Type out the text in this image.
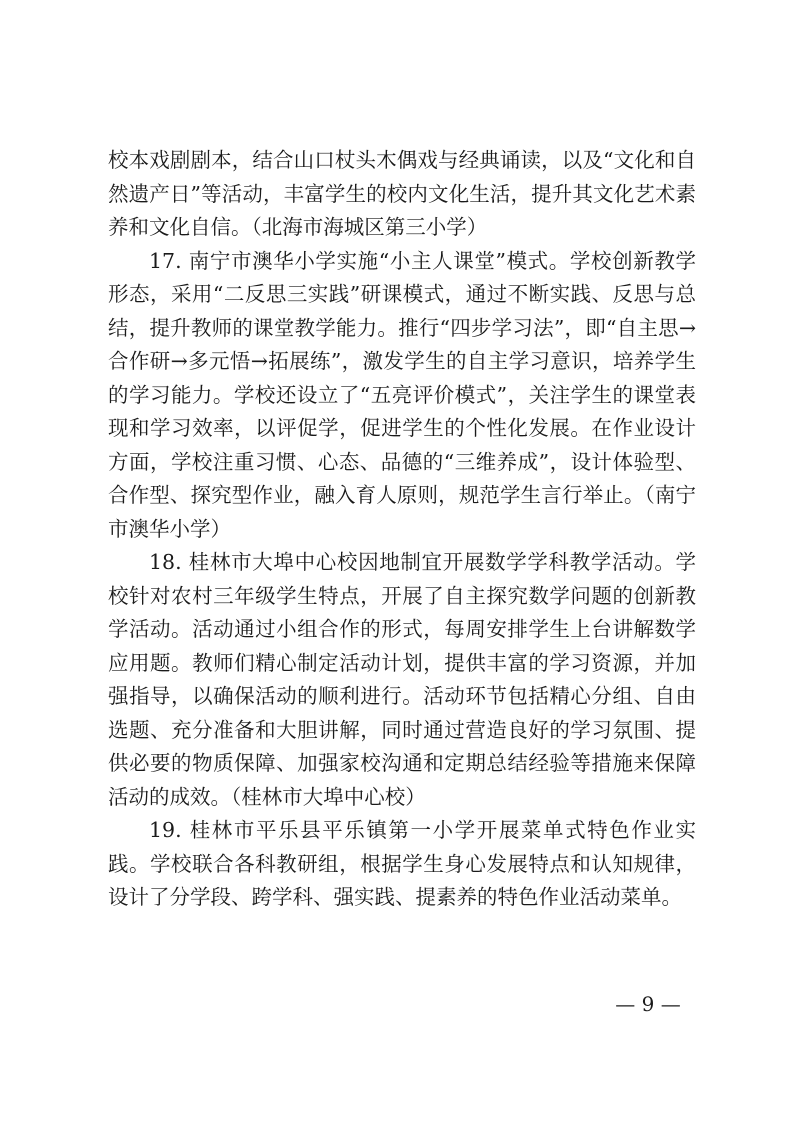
校本戏剧剧本，结合山口杖头木偶戏与经典诵读，以及“文化和自然遗产日”等活动，丰富学生的校内文化生活，提升其文化艺术素养和文化自信。（北海市海城区第三小学）

17. 南宁市澳华小学实施“小主人课堂”模式。学校创新教学形态，采用“二反思三实践”研课模式，通过不断实践、反思与总结，提升教师的课堂教学能力。推行“四步学习法”，即“自主思→合作研→多元悟→拓展练”，激发学生的自主学习意识，培养学生的学习能力。学校还设立了“五亮评价模式”，关注学生的课堂表现和学习效率，以评促学，促进学生的个性化发展。在作业设计方面，学校注重习惯、心态、品德的“三维养成”，设计体验型、合作型、探究型作业，融入育人原则，规范学生言行举止。（南宁市澳华小学）

18. 桂林市大埠中心校因地制宜开展数学学科教学活动。学校针对农村三年级学生特点，开展了自主探究数学问题的创新教学活动。活动通过小组合作的形式，每周安排学生上台讲解数学应用题。教师们精心制定活动计划，提供丰富的学习资源，并加强指导，以确保活动的顺利进行。活动环节包括精心分组、自由选题、充分准备和大胆讲解，同时通过营造良好的学习氛围、提供必要的物质保障、加强家校沟通和定期总结经验等措施来保障活动的成效。（桂林市大埠中心校）

19. 桂林市平乐县平乐镇第一小学开展菜单式特色作业实践。学校联合各科教研组，根据学生身心发展特点和认知规律，设计了分学段、跨学科、强实践、提素养的特色作业活动菜单。

— 9 —
